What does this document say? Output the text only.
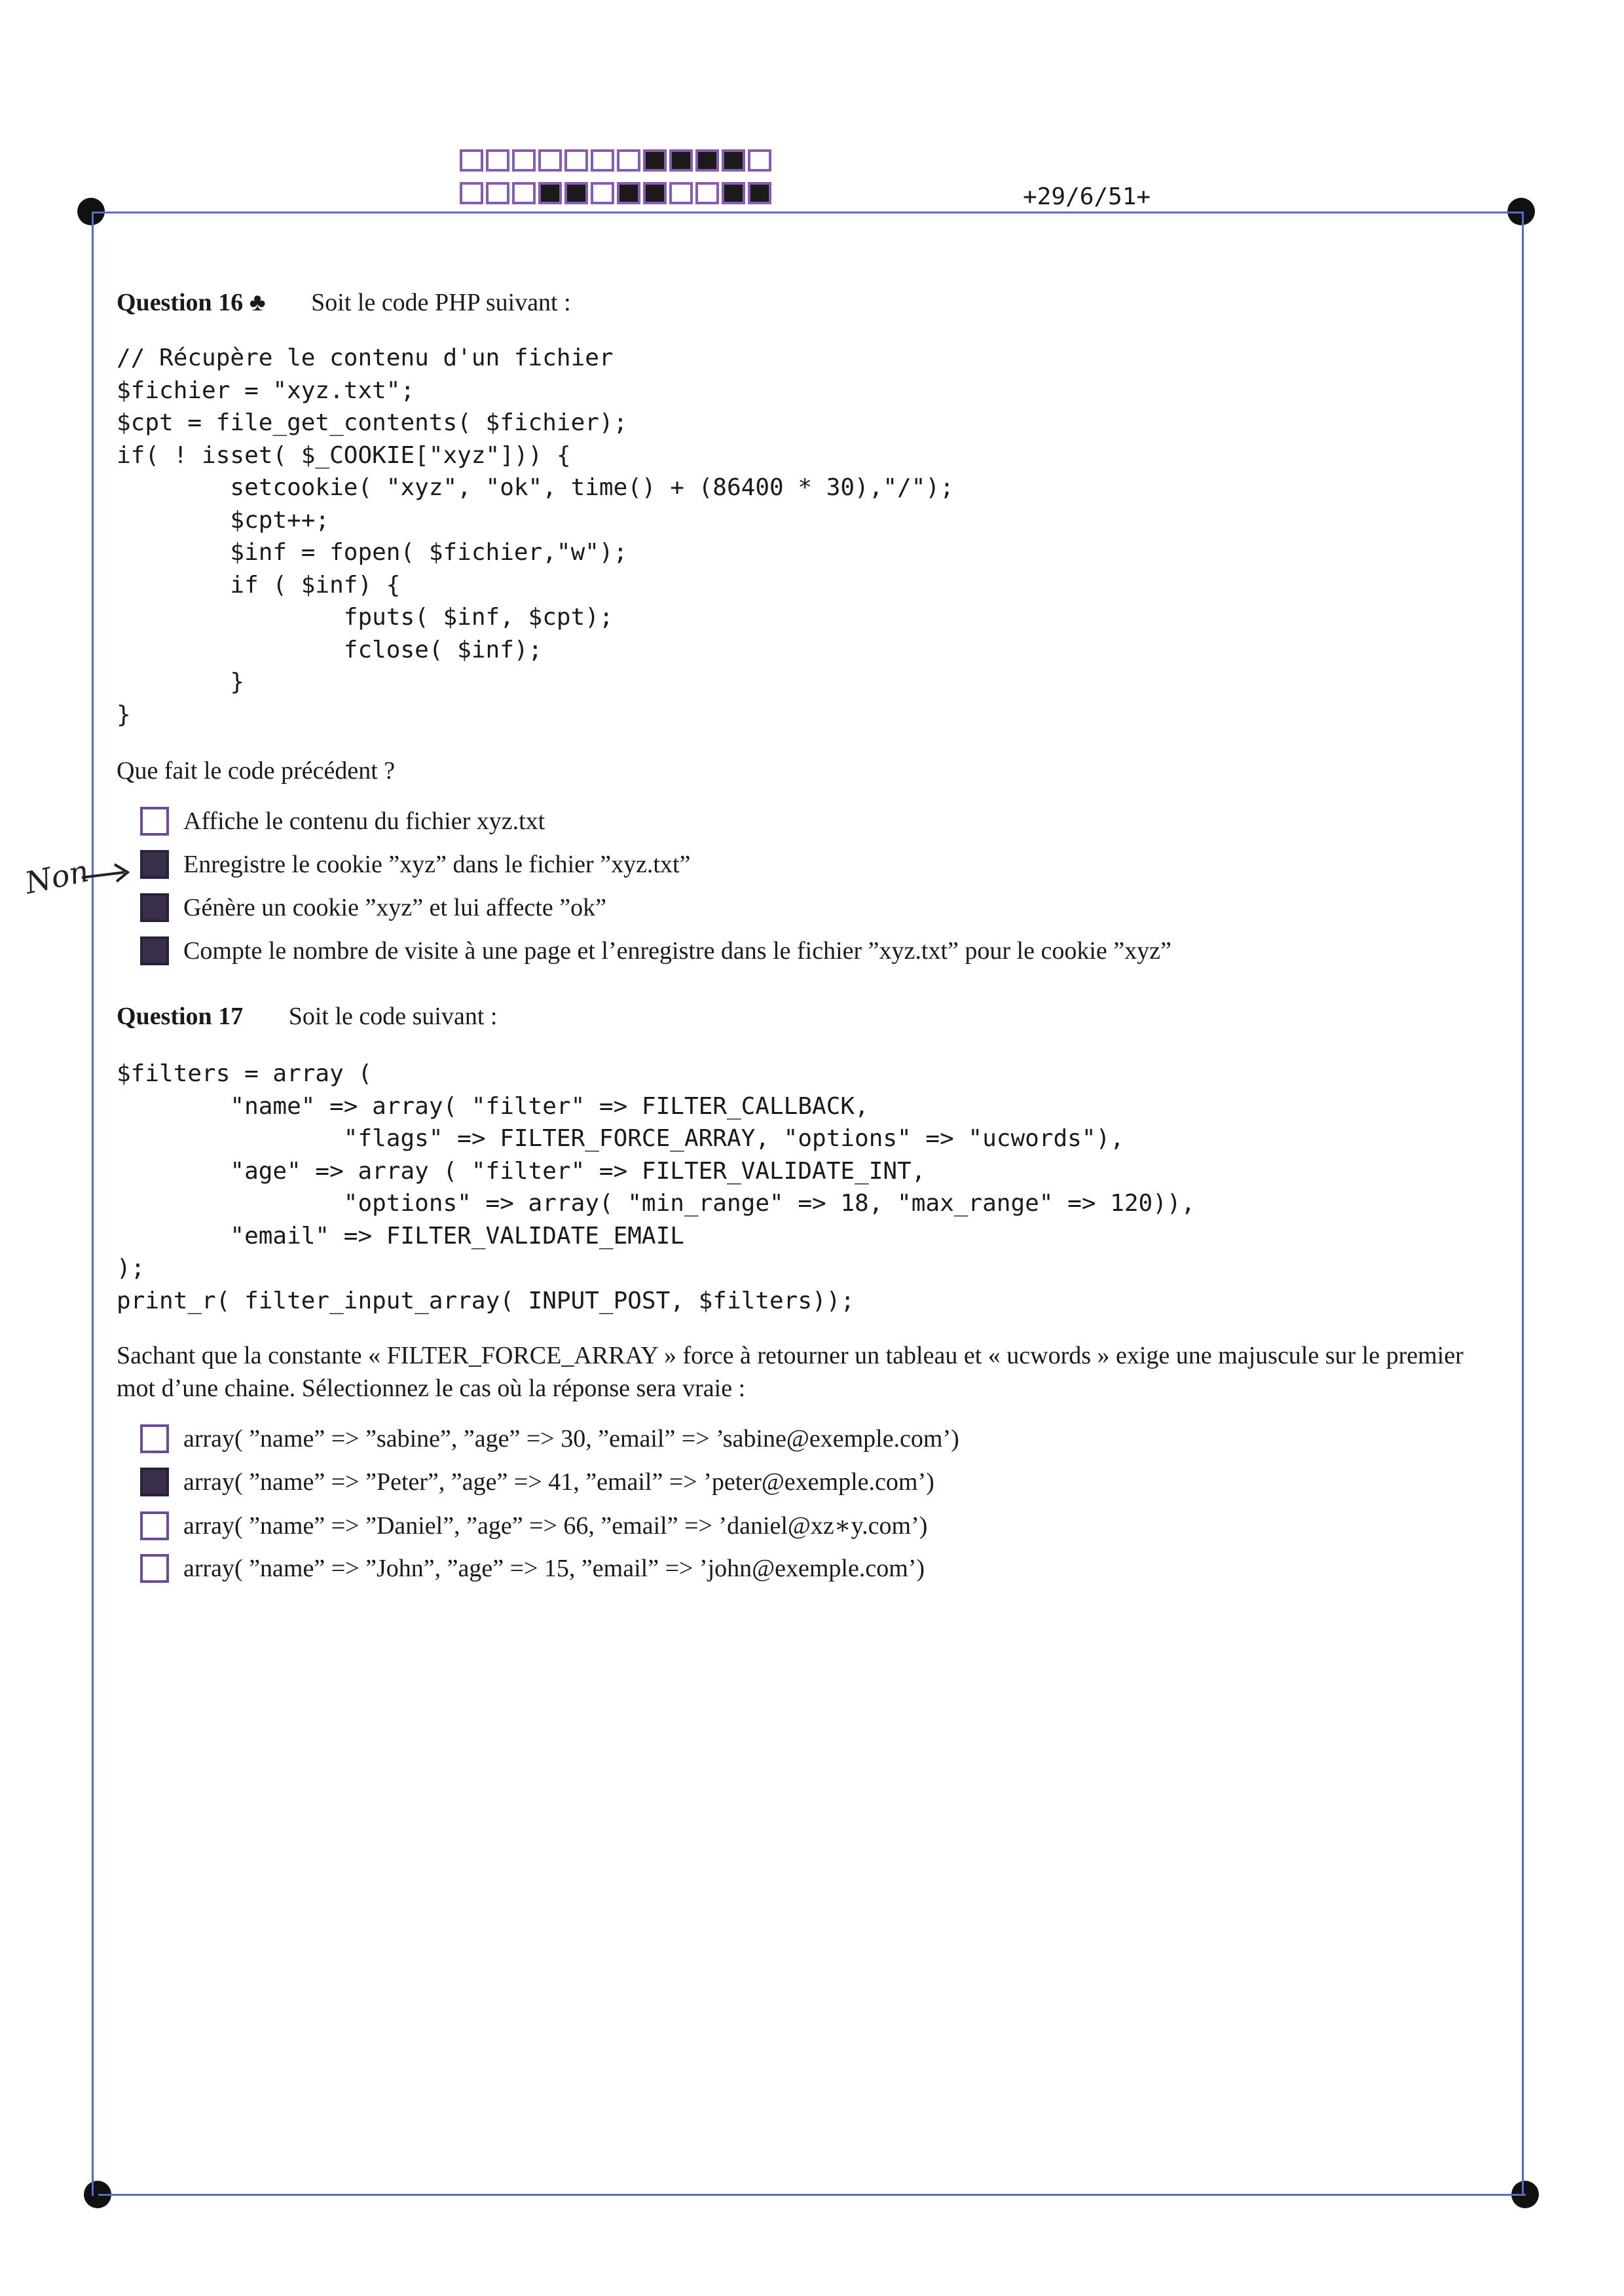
+29/6/51+
Question 16 ♣ Soit le code PHP suivant :
// Récupère le contenu d'un fichier
$fichier = "xyz.txt";
$cpt = file_get_contents( $fichier);
if( ! isset( $_COOKIE["xyz"])) {
setcookie( "xyz", "ok", time() + (86400 * 30),"/");
$cpt++;
$inf = fopen( $fichier,"w");
if ( $inf) {
fputs( $inf, $cpt);
fclose( $inf);
}
}
Que fait le code précédent ?
Affiche le contenu du fichier xyz.txt
Enregistre le cookie ”xyz” dans le fichier ”xyz.txt”
Génère un cookie ”xyz” et lui affecte ”ok”
Compte le nombre de visite à une page et l’enregistre dans le fichier ”xyz.txt” pour le cookie ”xyz”
Non
Question 17 Soit le code suivant :
$filters = array (
"name" => array( "filter" => FILTER_CALLBACK,
"flags" => FILTER_FORCE_ARRAY, "options" => "ucwords"),
"age" => array ( "filter" => FILTER_VALIDATE_INT,
"options" => array( "min_range" => 18, "max_range" => 120)),
"email" => FILTER_VALIDATE_EMAIL
);
print_r( filter_input_array( INPUT_POST, $filters));
Sachant que la constante « FILTER_FORCE_ARRAY » force à retourner un tableau et « ucwords » exige une majuscule sur le premier mot d’une chaine. Sélectionnez le cas où la réponse sera vraie :
array( ”name” => ”sabine”, ”age” => 30, ”email” => ’sabine@exemple.com’)
array( ”name” => ”Peter”, ”age” => 41, ”email” => ’peter@exemple.com’)
array( ”name” => ”Daniel”, ”age” => 66, ”email” => ’daniel@xz∗y.com’)
array( ”name” => ”John”, ”age” => 15, ”email” => ’john@exemple.com’)
